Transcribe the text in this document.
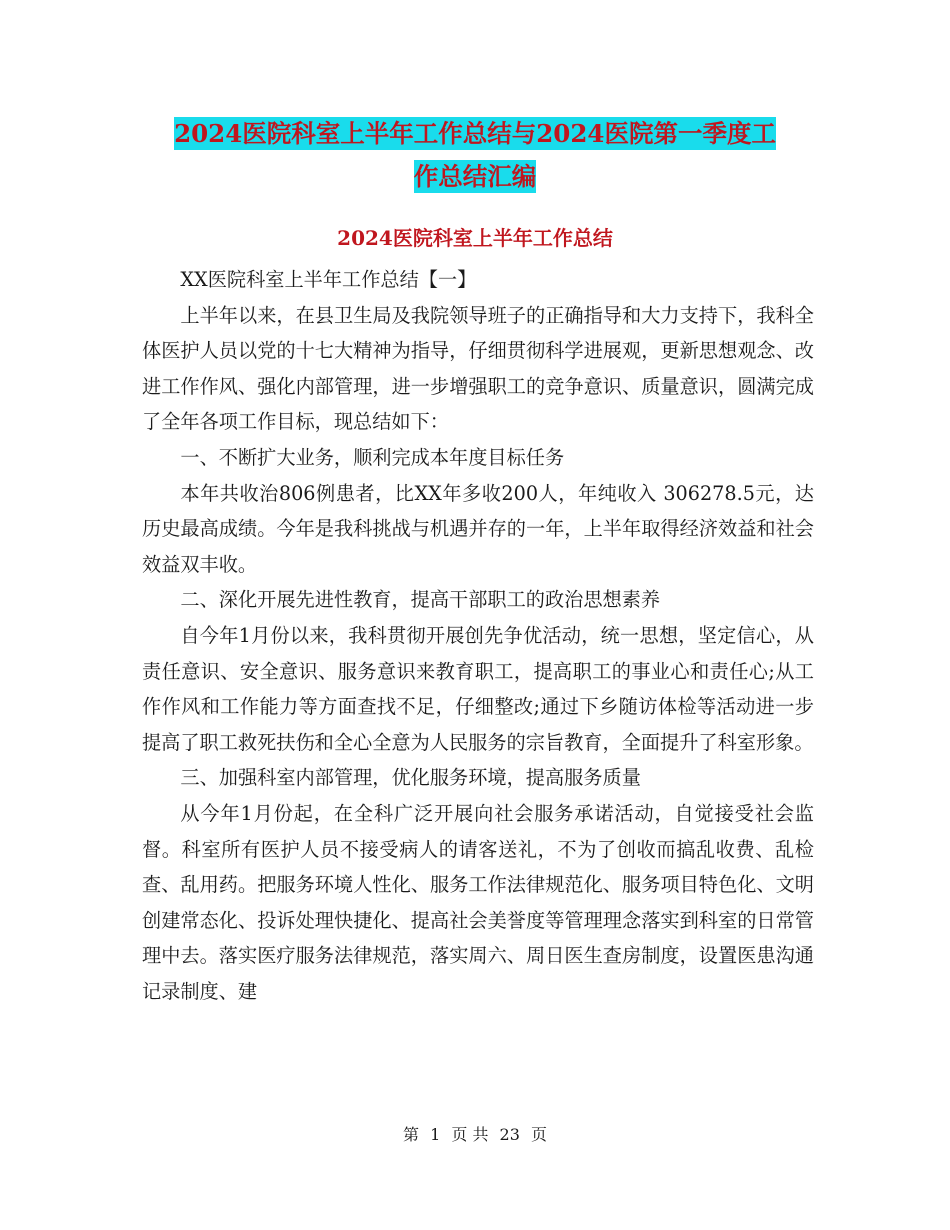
2024医院科室上半年工作总结与2024医院第一季度工
作总结汇编
2024医院科室上半年工作总结

XX医院科室上半年工作总结【一】

上半年以来，在县卫生局及我院领导班子的正确指导和大力支持下，我科全体医护人员以党的十七大精神为指导，仔细贯彻科学进展观，更新思想观念、改进工作作风、强化内部管理，进一步增强职工的竞争意识、质量意识，圆满完成了全年各项工作目标，现总结如下：

一、不断扩大业务，顺利完成本年度目标任务

本年共收治806例患者，比XX年多收200人，年纯收入 306278.5元，达历史最高成绩。今年是我科挑战与机遇并存的一年，上半年取得经济效益和社会效益双丰收。

二、深化开展先进性教育，提高干部职工的政治思想素养

自今年1月份以来，我科贯彻开展创先争优活动，统一思想，坚定信心，从责任意识、安全意识、服务意识来教育职工，提高职工的事业心和责任心;从工作作风和工作能力等方面查找不足，仔细整改;通过下乡随访体检等活动进一步提高了职工救死扶伤和全心全意为人民服务的宗旨教育，全面提升了科室形象。

三、加强科室内部管理，优化服务环境，提高服务质量

从今年1月份起，在全科广泛开展向社会服务承诺活动，自觉接受社会监督。科室所有医护人员不接受病人的请客送礼，不为了创收而搞乱收费、乱检查、乱用药。把服务环境人性化、服务工作法律规范化、服务项目特色化、文明创建常态化、投诉处理快捷化、提高社会美誉度等管理理念落实到科室的日常管理中去。落实医疗服务法律规范，落实周六、周日医生查房制度，设置医患沟通记录制度、建

第 1 页 共 23 页
